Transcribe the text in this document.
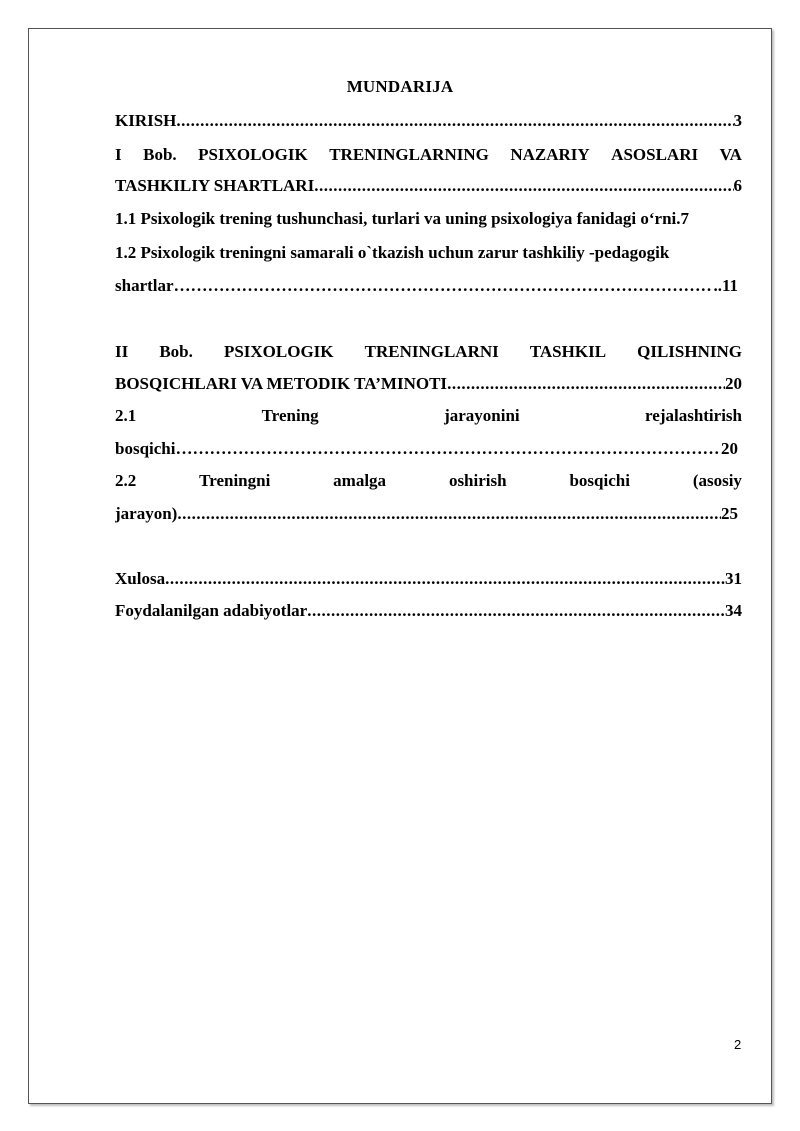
MUNDARIJA
KIRISH .....	3
I Bob. PSIXOLOGIK TRENINGLARNING NAZARIY ASOSLARI VA
TASHKILIY SHARTLARI .....	6
1.1 Psixologik trening tushunchasi, turlari va uning psixologiya fanidagi o‘rni. 7
1.2 Psixologik treningni samarali o`tkazish uchun zarur tashkiliy -pedagogik
shartlar ……………………………………………………………………………………………………………………………………………………………………………………………………………………………………………	..11
II Bob. PSIXOLOGIK TRENINGLARNI TASHKIL QILISHNING
BOSQICHLARI VA METODIK TA’MINOTI .....	20
2.1	Trening	jarayonini	rejalashtirish
bosqichi ……………………………………………………………………………………………………………………………………………………………………………………………………………………………………………	20
2.2	Treningni	amalga	oshirish	bosqichi	(asosiy
jarayon) .....	25
Xulosa .....	31
Foydalanilgan adabiyotlar .....	34
2
